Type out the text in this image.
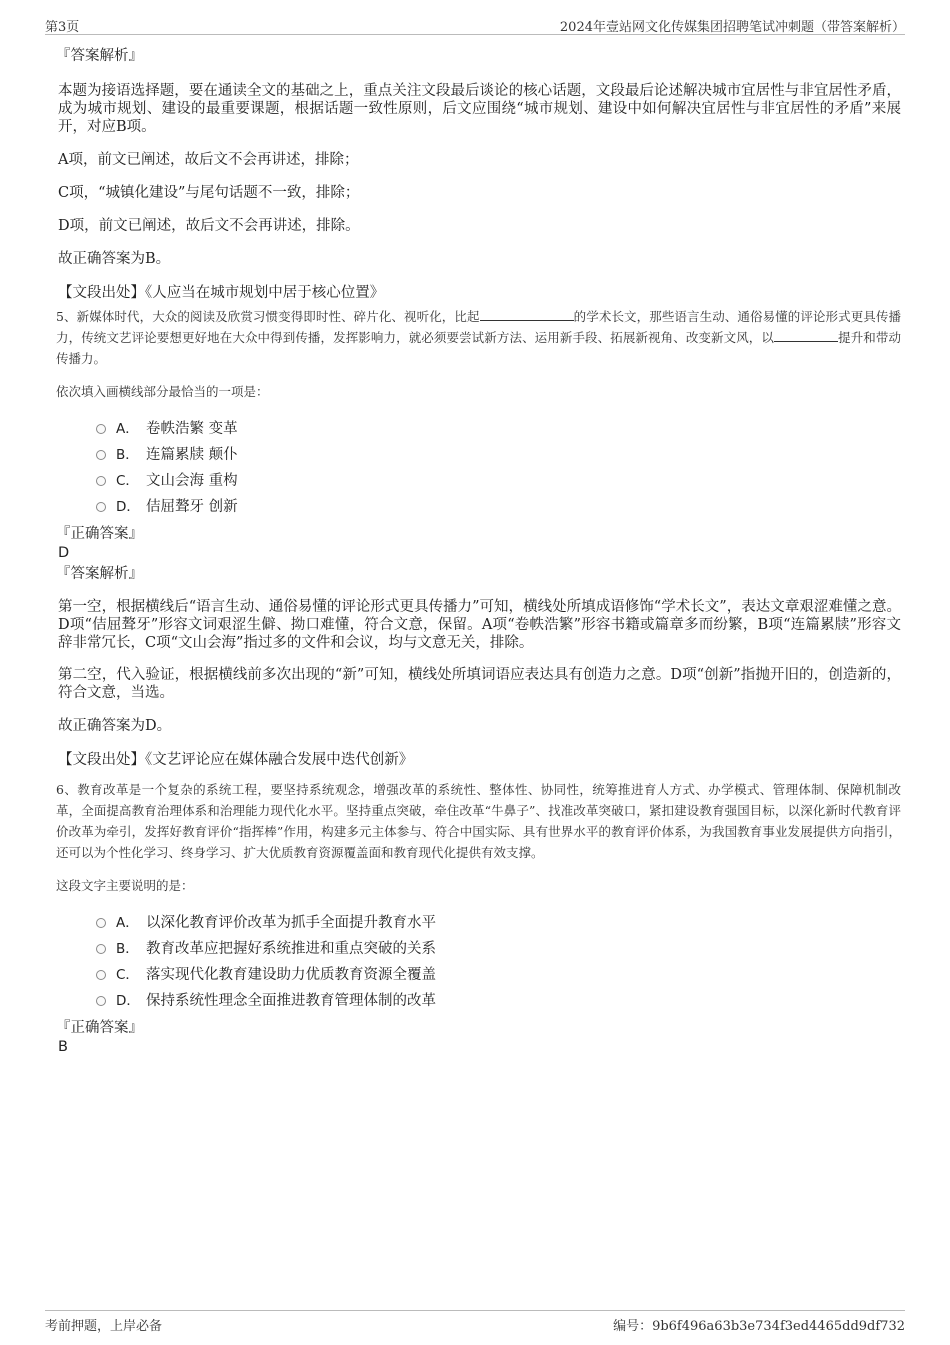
第3页	2024年壹站网文化传媒集团招聘笔试冲刺题（带答案解析）
『答案解析』

本题为接语选择题，要在通读全文的基础之上，重点关注文段最后谈论的核心话题，文段最后论述解决城市宜居性与非宜居性矛盾，成为城市规划、建设的最重要课题，根据话题一致性原则，后文应围绕“城市规划、建设中如何解决宜居性与非宜居性的矛盾”来展开，对应B项。

A项，前文已阐述，故后文不会再讲述，排除；

C项，“城镇化建设”与尾句话题不一致，排除；

D项，前文已阐述，故后文不会再讲述，排除。

故正确答案为B。

【文段出处】《人应当在城市规划中居于核心位置》

5、新媒体时代，大众的阅读及欣赏习惯变得即时性、碎片化、视听化，比起	的学术长文，那些语言生动、通俗易懂的评论形式更具传播力，传统文艺评论要想更好地在大众中得到传播，发挥影响力，就必须要尝试新方法、运用新手段、拓展新视角、改变新文风，以	提升和带动传播力。
依次填入画横线部分最恰当的一项是：
A． 卷帙浩繁 变革
B． 连篇累牍 颠仆
C． 文山会海 重构
D． 佶屈聱牙 创新
『正确答案』
D
『答案解析』

第一空，根据横线后“语言生动、通俗易懂的评论形式更具传播力”可知，横线处所填成语修饰“学术长文”，表达文章艰涩难懂之意。D项“佶屈聱牙”形容文词艰涩生僻、拗口难懂，符合文意，保留。A项“卷帙浩繁”形容书籍或篇章多而纷繁，B项“连篇累牍”形容文辞非常冗长，C项“文山会海”指过多的文件和会议，均与文意无关，排除。

第二空，代入验证，根据横线前多次出现的“新”可知，横线处所填词语应表达具有创造力之意。D项“创新”指抛开旧的，创造新的，符合文意，当选。

故正确答案为D。

【文段出处】《文艺评论应在媒体融合发展中迭代创新》

6、教育改革是一个复杂的系统工程，要坚持系统观念，增强改革的系统性、整体性、协同性，统筹推进育人方式、办学模式、管理体制、保障机制改革，全面提高教育治理体系和治理能力现代化水平。坚持重点突破，牵住改革“牛鼻子”、找准改革突破口，紧扣建设教育强国目标，以深化新时代教育评价改革为牵引，发挥好教育评价“指挥棒”作用，构建多元主体参与、符合中国实际、具有世界水平的教育评价体系，为我国教育事业发展提供方向指引，还可以为个性化学习、终身学习、扩大优质教育资源覆盖面和教育现代化提供有效支撑。
这段文字主要说明的是：
A． 以深化教育评价改革为抓手全面提升教育水平
B． 教育改革应把握好系统推进和重点突破的关系
C． 落实现代化教育建设助力优质教育资源全覆盖
D． 保持系统性理念全面推进教育管理体制的改革
『正确答案』
B
考前押题，上岸必备	编号：9b6f496a63b3e734f3ed4465dd9df732
